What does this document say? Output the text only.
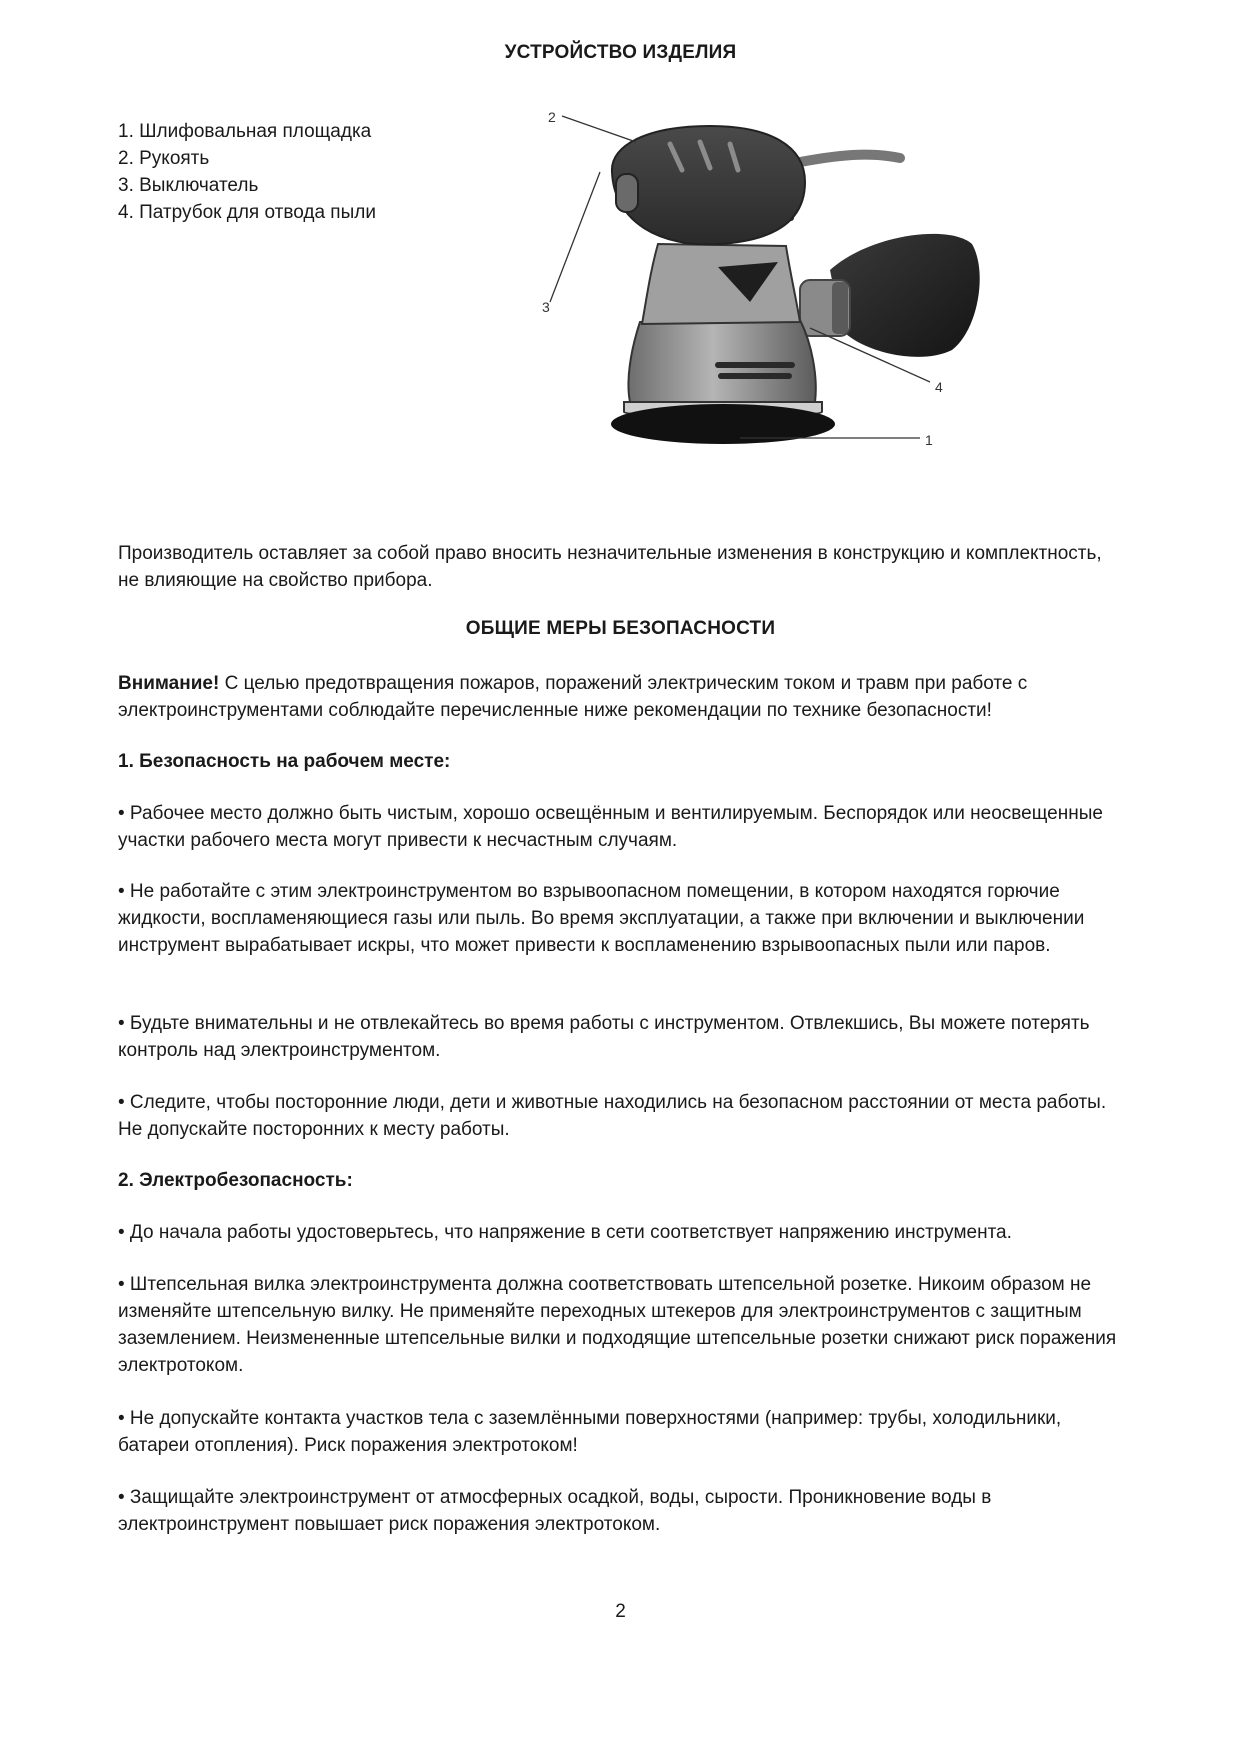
УСТРОЙСТВО ИЗДЕЛИЯ
1. Шлифовальная площадка
2. Рукоять
3. Выключатель
4. Патрубок для отвода пыли
2
3
4
1

Производитель оставляет за собой право вносить незначительные изменения в конструкцию и комплектность, не влияющие на свойство прибора.

ОБЩИЕ МЕРЫ БЕЗОПАСНОСТИ

Внимание! С целью предотвращения пожаров, поражений электрическим током и травм при работе с электроинструментами соблюдайте перечисленные ниже рекомендации по технике безопасности!

1. Безопасность на рабочем месте:

• Рабочее место должно быть чистым, хорошо освещённым и вентилируемым. Беспорядок или неосвещенные участки рабочего места могут привести к несчастным случаям.

• Не работайте с этим электроинструментом во взрывоопасном помещении, в котором находятся горючие жидкости, воспламеняющиеся газы или пыль. Во время эксплуатации, а также при включении и выключении инструмент вырабатывает искры, что может привести к воспламенению взрывоопасных пыли или паров.

• Будьте внимательны и не отвлекайтесь во время работы с инструментом. Отвлекшись, Вы можете потерять контроль над электроинструментом.

• Следите, чтобы посторонние люди, дети и животные находились на безопасном расстоянии от места работы. Не допускайте посторонних к месту работы.

2. Электробезопасность:

• До начала работы удостоверьтесь, что напряжение в сети соответствует напряжению инструмента.

• Штепсельная вилка электроинструмента должна соответствовать штепсельной розетке. Никоим образом не изменяйте штепсельную вилку. Не применяйте переходных штекеров для электроинструментов с защитным заземлением. Неизмененные штепсельные вилки и подходящие штепсельные розетки снижают риск поражения электротоком.

• Не допускайте контакта участков тела с заземлёнными поверхностями (например: трубы, холодильники, батареи отопления). Риск поражения электротоком!

• Защищайте электроинструмент от атмосферных осадкой, воды, сырости. Проникновение воды в электроинструмент повышает риск поражения электротоком.

2
